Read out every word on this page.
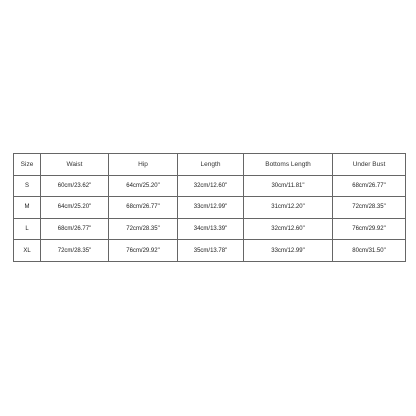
Size	Waist	Hip	Length	Bottoms Length	Under Bust
S	60cm/23.62"	64cm/25.20"	32cm/12.60"	30cm/11.81"	68cm/26.77"
M	64cm/25.20"	68cm/26.77"	33cm/12.99"	31cm/12.20"	72cm/28.35"
L	68cm/26.77"	72cm/28.35"	34cm/13.39"	32cm/12.60"	76cm/29.92"
XL	72cm/28.35"	76cm/29.92"	35cm/13.78"	33cm/12.99"	80cm/31.50"
